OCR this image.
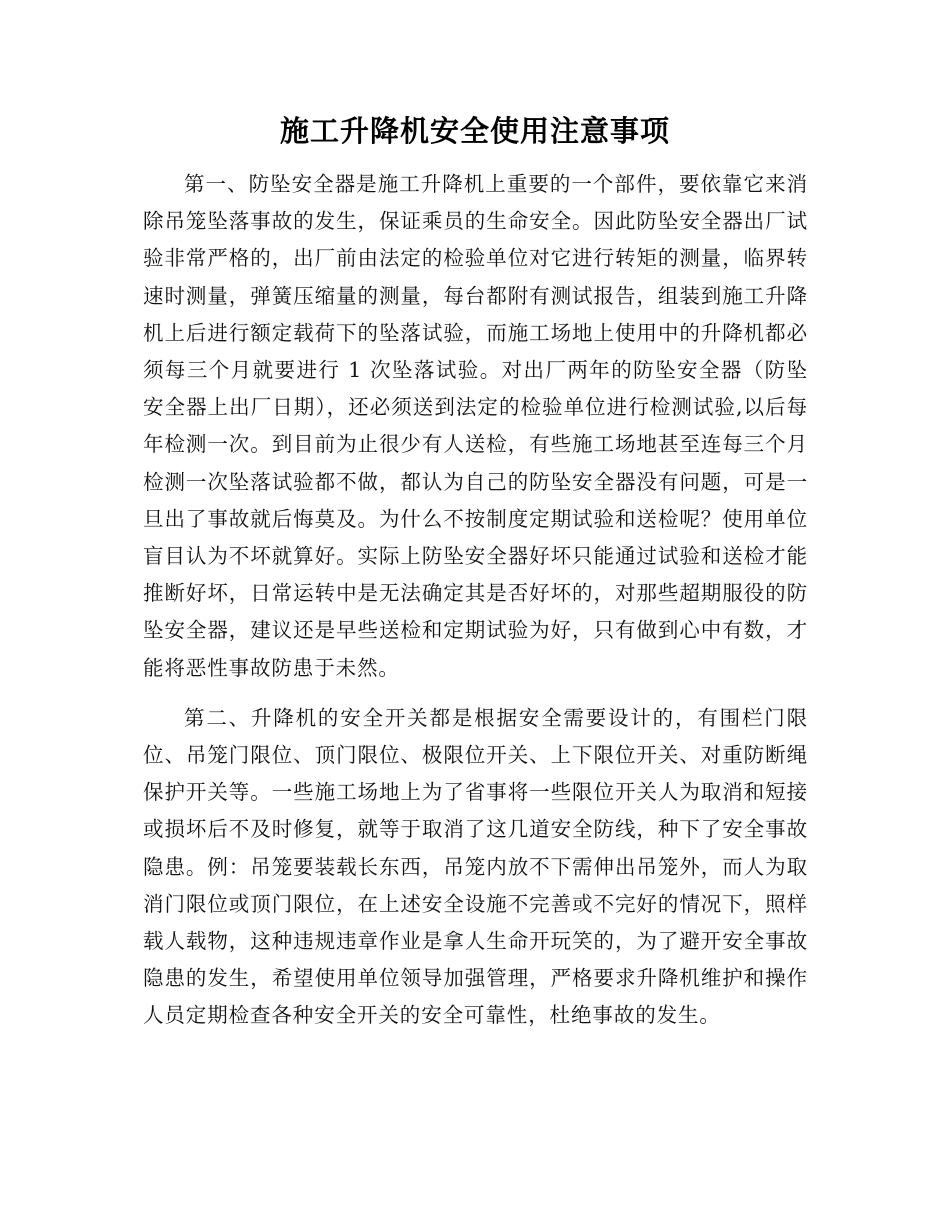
施工升降机安全使用注意事项

第一、防坠安全器是施工升降机上重要的一个部件，要依靠它来消除吊笼坠落事故的发生，保证乘员的生命安全。因此防坠安全器出厂试验非常严格的，出厂前由法定的检验单位对它进行转矩的测量，临界转速时测量，弹簧压缩量的测量，每台都附有测试报告，组装到施工升降机上后进行额定载荷下的坠落试验，而施工场地上使用中的升降机都必须每三个月就要进行 1 次坠落试验。对出厂两年的防坠安全器（防坠安全器上出厂日期），还必须送到法定的检验单位进行检测试验,以后每年检测一次。到目前为止很少有人送检，有些施工场地甚至连每三个月检测一次坠落试验都不做，都认为自己的防坠安全器没有问题，可是一旦出了事故就后悔莫及。为什么不按制度定期试验和送检呢？使用单位盲目认为不坏就算好。实际上防坠安全器好坏只能通过试验和送检才能推断好坏，日常运转中是无法确定其是否好坏的，对那些超期服役的防坠安全器，建议还是早些送检和定期试验为好，只有做到心中有数，才能将恶性事故防患于未然。

第二、升降机的安全开关都是根据安全需要设计的，有围栏门限位、吊笼门限位、顶门限位、极限位开关、上下限位开关、对重防断绳保护开关等。一些施工场地上为了省事将一些限位开关人为取消和短接或损坏后不及时修复，就等于取消了这几道安全防线，种下了安全事故隐患。例：吊笼要装载长东西，吊笼内放不下需伸出吊笼外，而人为取消门限位或顶门限位，在上述安全设施不完善或不完好的情况下，照样载人载物，这种违规违章作业是拿人生命开玩笑的，为了避开安全事故隐患的发生，希望使用单位领导加强管理，严格要求升降机维护和操作人员定期检查各种安全开关的安全可靠性，杜绝事故的发生。
